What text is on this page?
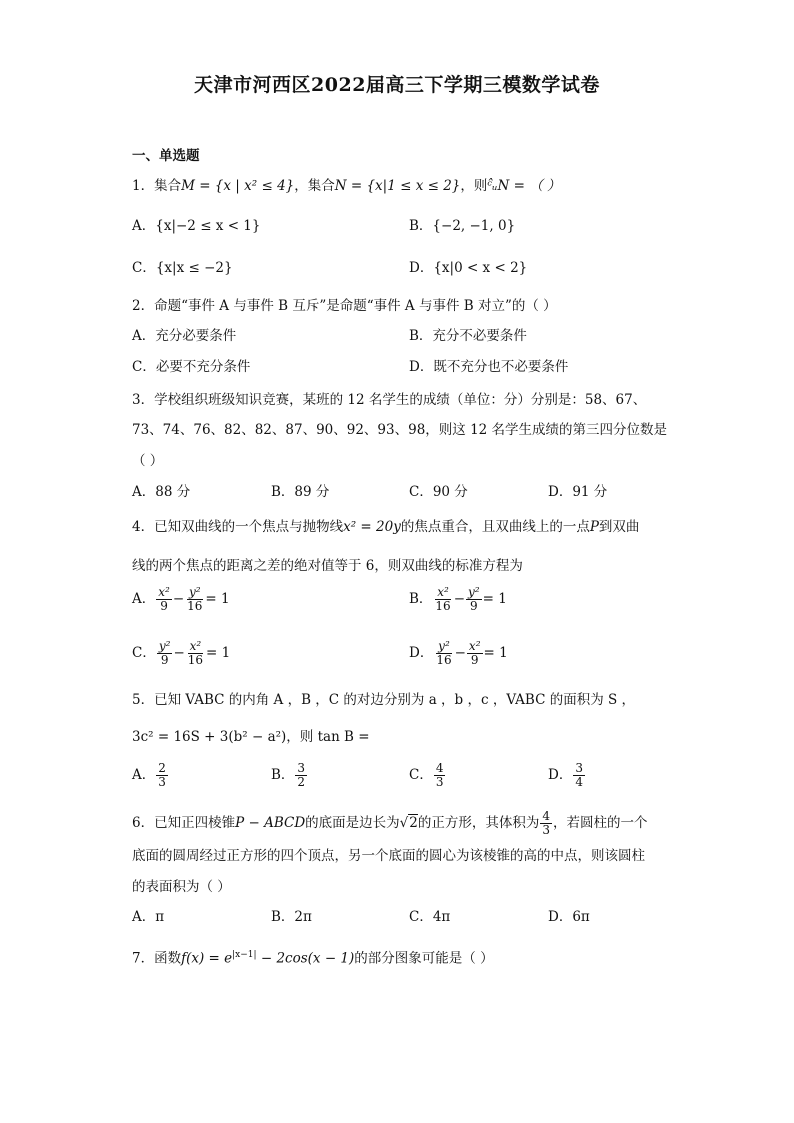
天津市河西区2022届高三下学期三模数学试卷
一、单选题
1．集合M = {x | x² ≤ 4}，集合N = {x|1 ≤ x ≤ 2}，则ᶜ̂ᵤN = （ ）
A．{x|−2 ≤ x < 1}	B．{−2, −1, 0}
C．{x|x ≤ −2}	D．{x|0 < x < 2}
2．命题“事件 A 与事件 B 互斥”是命题“事件 A 与事件 B 对立”的（ ）
A．充分必要条件	B．充分不必要条件
C．必要不充分条件	D．既不充分也不必要条件
3．学校组织班级知识竞赛，某班的 12 名学生的成绩（单位：分）分别是：58、67、
73、74、76、82、82、87、90、92、93、98，则这 12 名学生成绩的第三四分位数是
（ ）
A．88 分	B．89 分	C．90 分	D．91 分
4．已知双曲线的一个焦点与抛物线x² = 20y的焦点重合，且双曲线上的一点P到双曲
线的两个焦点的距离之差的绝对值等于 6，则双曲线的标准方程为
A． $\frac{\text{x²}}{9} - \frac{\text{y²}}{16} = 1$	B． $\frac{\text{x²}}{16} - \frac{\text{y²}}{9} = 1$
C． $\frac{\text{y²}}{9} - \frac{\text{x²}}{16} = 1$	D． $\frac{\text{y²}}{16} - \frac{\text{x²}}{9} = 1$
5．已知 VABC 的内角 A ，B ，C 的对边分别为 a ，b ，c ，VABC 的面积为 S ，
3c² = 16S + 3(b² − a²)，则 tan B =
A． $\frac{2}{3}$	B． $\frac{3}{2}$	C． $\frac{4}{3}$	D． $\frac{3}{4}$
6．已知正四棱锥P − ABCD的底面是边长为√2的正方形，其体积为 $\frac{4}{3}$ ，若圆柱的一个
底面的圆周经过正方形的四个顶点，另一个底面的圆心为该棱锥的高的中点，则该圆柱
的表面积为（ ）
A．π	B．2π	C．4π	D．6π
7．函数$f(x) = e^{|x-1|} - 2\cos(x - 1)$的部分图象可能是（ ）
